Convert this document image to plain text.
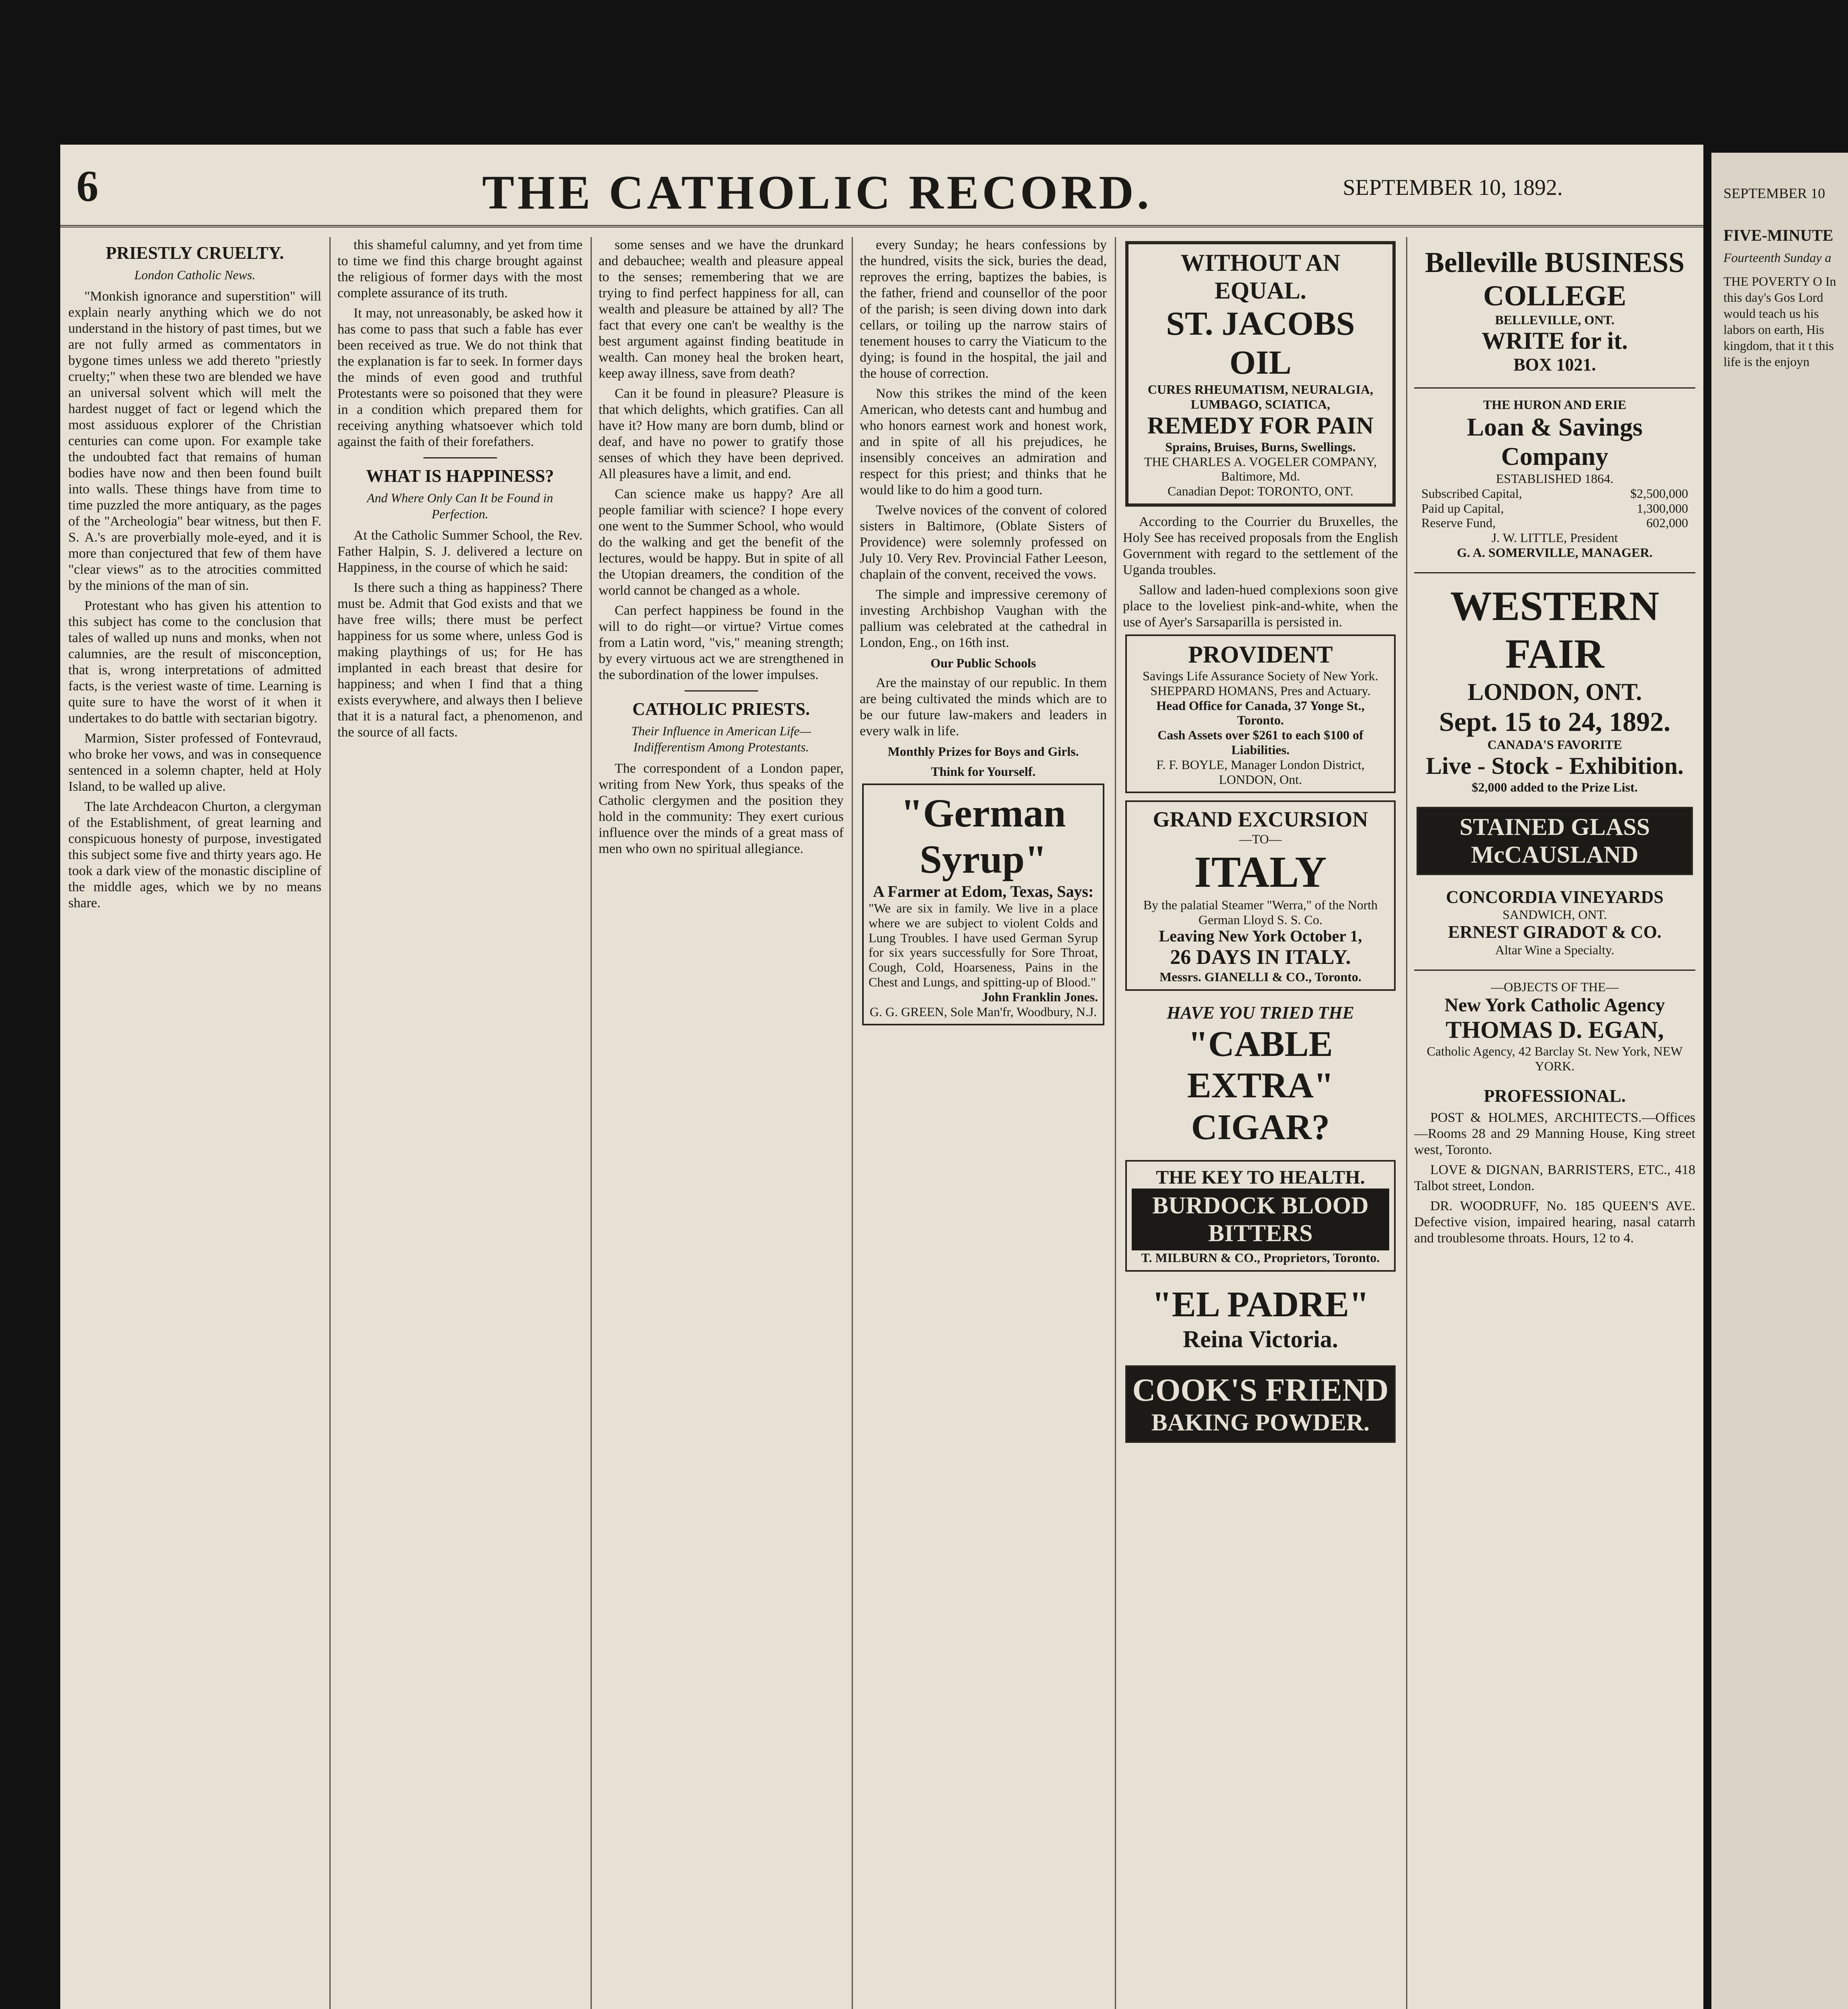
6	THE CATHOLIC RECORD.	SEPTEMBER 10, 1892.
PRIESTLY CRUELTY.
London Catholic News.

"Monkish ignorance and superstition" will explain nearly anything which we do not understand in the history of past times, but we are not fully armed as commentators in bygone times unless we add thereto "priestly cruelty;" when these two are blended we have an universal solvent which will melt the hardest nugget of fact or legend which the most assiduous explorer of the Christian centuries can come upon. For example take the undoubted fact that remains of human bodies have now and then been found built into walls. These things have from time to time puzzled the more antiquary, as the pages of the "Archeologia" bear witness, but then F. S. A.'s are proverbially mole-eyed, and it is more than conjectured that few of them have "clear views" as to the atrocities committed by the minions of the man of sin.

Protestant who has given his attention to this subject has come to the conclusion that tales of walled up nuns and monks, when not calumnies, are the result of misconception, that is, wrong interpretations of admitted facts, is the veriest waste of time. Learning is quite sure to have the worst of it when it undertakes to do battle with sectarian bigotry.

Marmion, Sister professed of Fontevraud, who broke her vows, and was in consequence sentenced in a solemn chapter, held at Holy Island, to be walled up alive.

The late Archdeacon Churton, a clergyman of the Establishment, of great learning and conspicuous honesty of purpose, investigated this subject some five and thirty years ago. He took a dark view of the monastic discipline of the middle ages, which we by no means share.

this shameful calumny, and yet from time to time we find this charge brought against the religious of former days with the most complete assurance of its truth.

It may, not unreasonably, be asked how it has come to pass that such a fable has ever been received as true. We do not think that the explanation is far to seek. In former days the minds of even good and truthful Protestants were so poisoned that they were in a condition which prepared them for receiving anything whatsoever which told against the faith of their forefathers.

WHAT IS HAPPINESS?
And Where Only Can It be Found in Perfection.

At the Catholic Summer School, the Rev. Father Halpin, S. J. delivered a lecture on Happiness, in the course of which he said:

Is there such a thing as happiness? There must be. Admit that God exists and that we have free wills; there must be perfect happiness for us some where, unless God is making playthings of us; for He has implanted in each breast that desire for happiness; and when I find that a thing exists everywhere, and always then I believe that it is a natural fact, a phenomenon, and the source of all facts.

some senses and we have the drunkard and debauchee; wealth and pleasure appeal to the senses; remembering that we are trying to find perfect happiness for all, can wealth and pleasure be attained by all? The fact that every one can't be wealthy is the best argument against finding beatitude in wealth. Can money heal the broken heart, keep away illness, save from death?

Can it be found in pleasure? Pleasure is that which delights, which gratifies. Can all have it? How many are born dumb, blind or deaf, and have no power to gratify those senses of which they have been deprived. All pleasures have a limit, and end.

Can science make us happy? Are all people familiar with science? I hope every one went to the Summer School, who would do the walking and get the benefit of the lectures, would be happy. But in spite of all the Utopian dreamers, the condition of the world cannot be changed as a whole.

Can perfect happiness be found in the will to do right—or virtue? Virtue comes from a Latin word, "vis," meaning strength; by every virtuous act we are strengthened in the subordination of the lower impulses.

CATHOLIC PRIESTS.
Their Influence in American Life—Indifferentism Among Protestants.

The correspondent of a London paper, writing from New York, thus speaks of the Catholic clergymen and the position they hold in the community: They exert curious influence over the minds of a great mass of men who own no spiritual allegiance.

every Sunday; he hears confessions by the hundred, visits the sick, buries the dead, reproves the erring, baptizes the babies, is the father, friend and counsellor of the poor of the parish; is seen diving down into dark cellars, or toiling up the narrow stairs of tenement houses to carry the Viaticum to the dying; is found in the hospital, the jail and the house of correction.

Now this strikes the mind of the keen American, who detests cant and humbug and who honors earnest work and honest work, and in spite of all his prejudices, he insensibly conceives an admiration and respect for this priest; and thinks that he would like to do him a good turn.

Twelve novices of the convent of colored sisters in Baltimore, (Oblate Sisters of Providence) were solemnly professed on July 10. Very Rev. Provincial Father Leeson, chaplain of the convent, received the vows.

The simple and impressive ceremony of investing Archbishop Vaughan with the pallium was celebrated at the cathedral in London, Eng., on 16th inst.

Our Public Schools

Are the mainstay of our republic. In them are being cultivated the minds which are to be our future law-makers and leaders in every walk in life.

Monthly Prizes for Boys and Girls.
Think for Yourself.
"German Syrup"
A Farmer at Edom, Texas, Says:
"We are six in family. We live in a place where we are subject to violent Colds and Lung Troubles. I have used German Syrup for six years successfully for Sore Throat, Cough, Cold, Hoarseness, Pains in the Chest and Lungs, and spitting-up of Blood."
John Franklin Jones.
G. G. GREEN, Sole Man'fr, Woodbury, N.J.
WITHOUT AN EQUAL.
ST. JACOBS OIL
CURES RHEUMATISM, NEURALGIA, LUMBAGO, SCIATICA,
REMEDY FOR PAIN
Sprains, Bruises, Burns, Swellings.
THE CHARLES A. VOGELER COMPANY, Baltimore, Md.
Canadian Depot: TORONTO, ONT.

According to the Courrier du Bruxelles, the Holy See has received proposals from the English Government with regard to the settlement of the Uganda troubles.

Sallow and laden-hued complexions soon give place to the loveliest pink-and-white, when the use of Ayer's Sarsaparilla is persisted in.

PROVIDENT
Savings Life Assurance Society of New York.
SHEPPARD HOMANS, Pres and Actuary.
Head Office for Canada, 37 Yonge St., Toronto.
Cash Assets over $261 to each $100 of Liabilities.
F. F. BOYLE, Manager London District, LONDON, Ont.
GRAND EXCURSION
—TO—
ITALY
By the palatial Steamer "Werra," of the North German Lloyd S. S. Co.
Leaving New York October 1,
26 DAYS IN ITALY.
Messrs. GIANELLI & CO., Toronto.
HAVE YOU TRIED THE
"CABLE EXTRA"
CIGAR?
THE KEY TO HEALTH.
BURDOCK BLOOD BITTERS
T. MILBURN & CO., Proprietors, Toronto.
"EL PADRE"
Reina Victoria.
COOK'S FRIEND
BAKING POWDER.
Belleville BUSINESS COLLEGE
BELLEVILLE, ONT.
WRITE for it.
BOX 1021.
THE HURON AND ERIE
Loan & Savings Company
ESTABLISHED 1864.
Subscribed Capital,	$2,500,000
Paid up Capital,	1,300,000
Reserve Fund,	602,000
J. W. LITTLE, President
G. A. SOMERVILLE, MANAGER.
WESTERN FAIR
LONDON, ONT.
Sept. 15 to 24, 1892.
CANADA'S FAVORITE
Live - Stock - Exhibition.
$2,000 added to the Prize List.
STAINED GLASS
McCAUSLAND
CONCORDIA VINEYARDS
SANDWICH, ONT.
ERNEST GIRADOT & CO.
Altar Wine a Specialty.
—OBJECTS OF THE—
New York Catholic Agency
THOMAS D. EGAN,
Catholic Agency, 42 Barclay St. New York, NEW YORK.
PROFESSIONAL.

POST & HOLMES, ARCHITECTS.—Offices—Rooms 28 and 29 Manning House, King street west, Toronto.

LOVE & DIGNAN, BARRISTERS, ETC., 418 Talbot street, London.

DR. WOODRUFF, No. 185 QUEEN'S AVE. Defective vision, impaired hearing, nasal catarrh and troublesome throats. Hours, 12 to 4.

SEPTEMBER 10
FIVE-MINUTE
Fourteenth Sunday a
THE POVERTY O In this day's Gos Lord would teach us his labors on earth, His kingdom, that it t this life is the enjoyn
